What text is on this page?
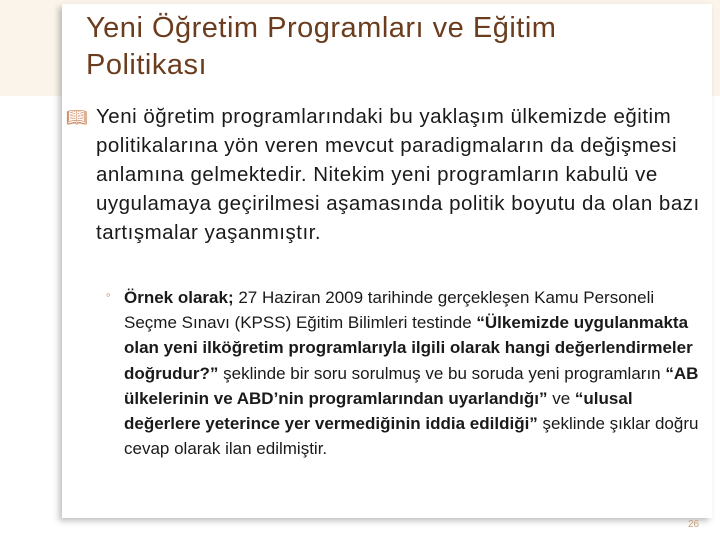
Yeni Öğretim Programları ve Eğitim Politikası
📖︎ Yeni öğretim programlarındaki bu yaklaşım ülkemizde eğitim politikalarına yön veren mevcut paradigmaların da değişmesi anlamına gelmektedir. Nitekim yeni programların kabulü ve uygulamaya geçirilmesi aşamasında politik boyutu da olan bazı tartışmalar yaşanmıştır.

◦ Örnek olarak; 27 Haziran 2009 tarihinde gerçekleşen Kamu Personeli Seçme Sınavı (KPSS) Eğitim Bilimleri testinde “Ülkemizde uygulanmakta olan yeni ilköğretim programlarıyla ilgili olarak hangi değerlendirmeler doğrudur?” şeklinde bir soru sorulmuş ve bu soruda yeni programların “AB ülkelerinin ve ABD’nin programlarından uyarlandığı” ve “ulusal değerlere yeterince yer vermediğinin iddia edildiği” şeklinde şıklar doğru cevap olarak ilan edilmiştir.

26
